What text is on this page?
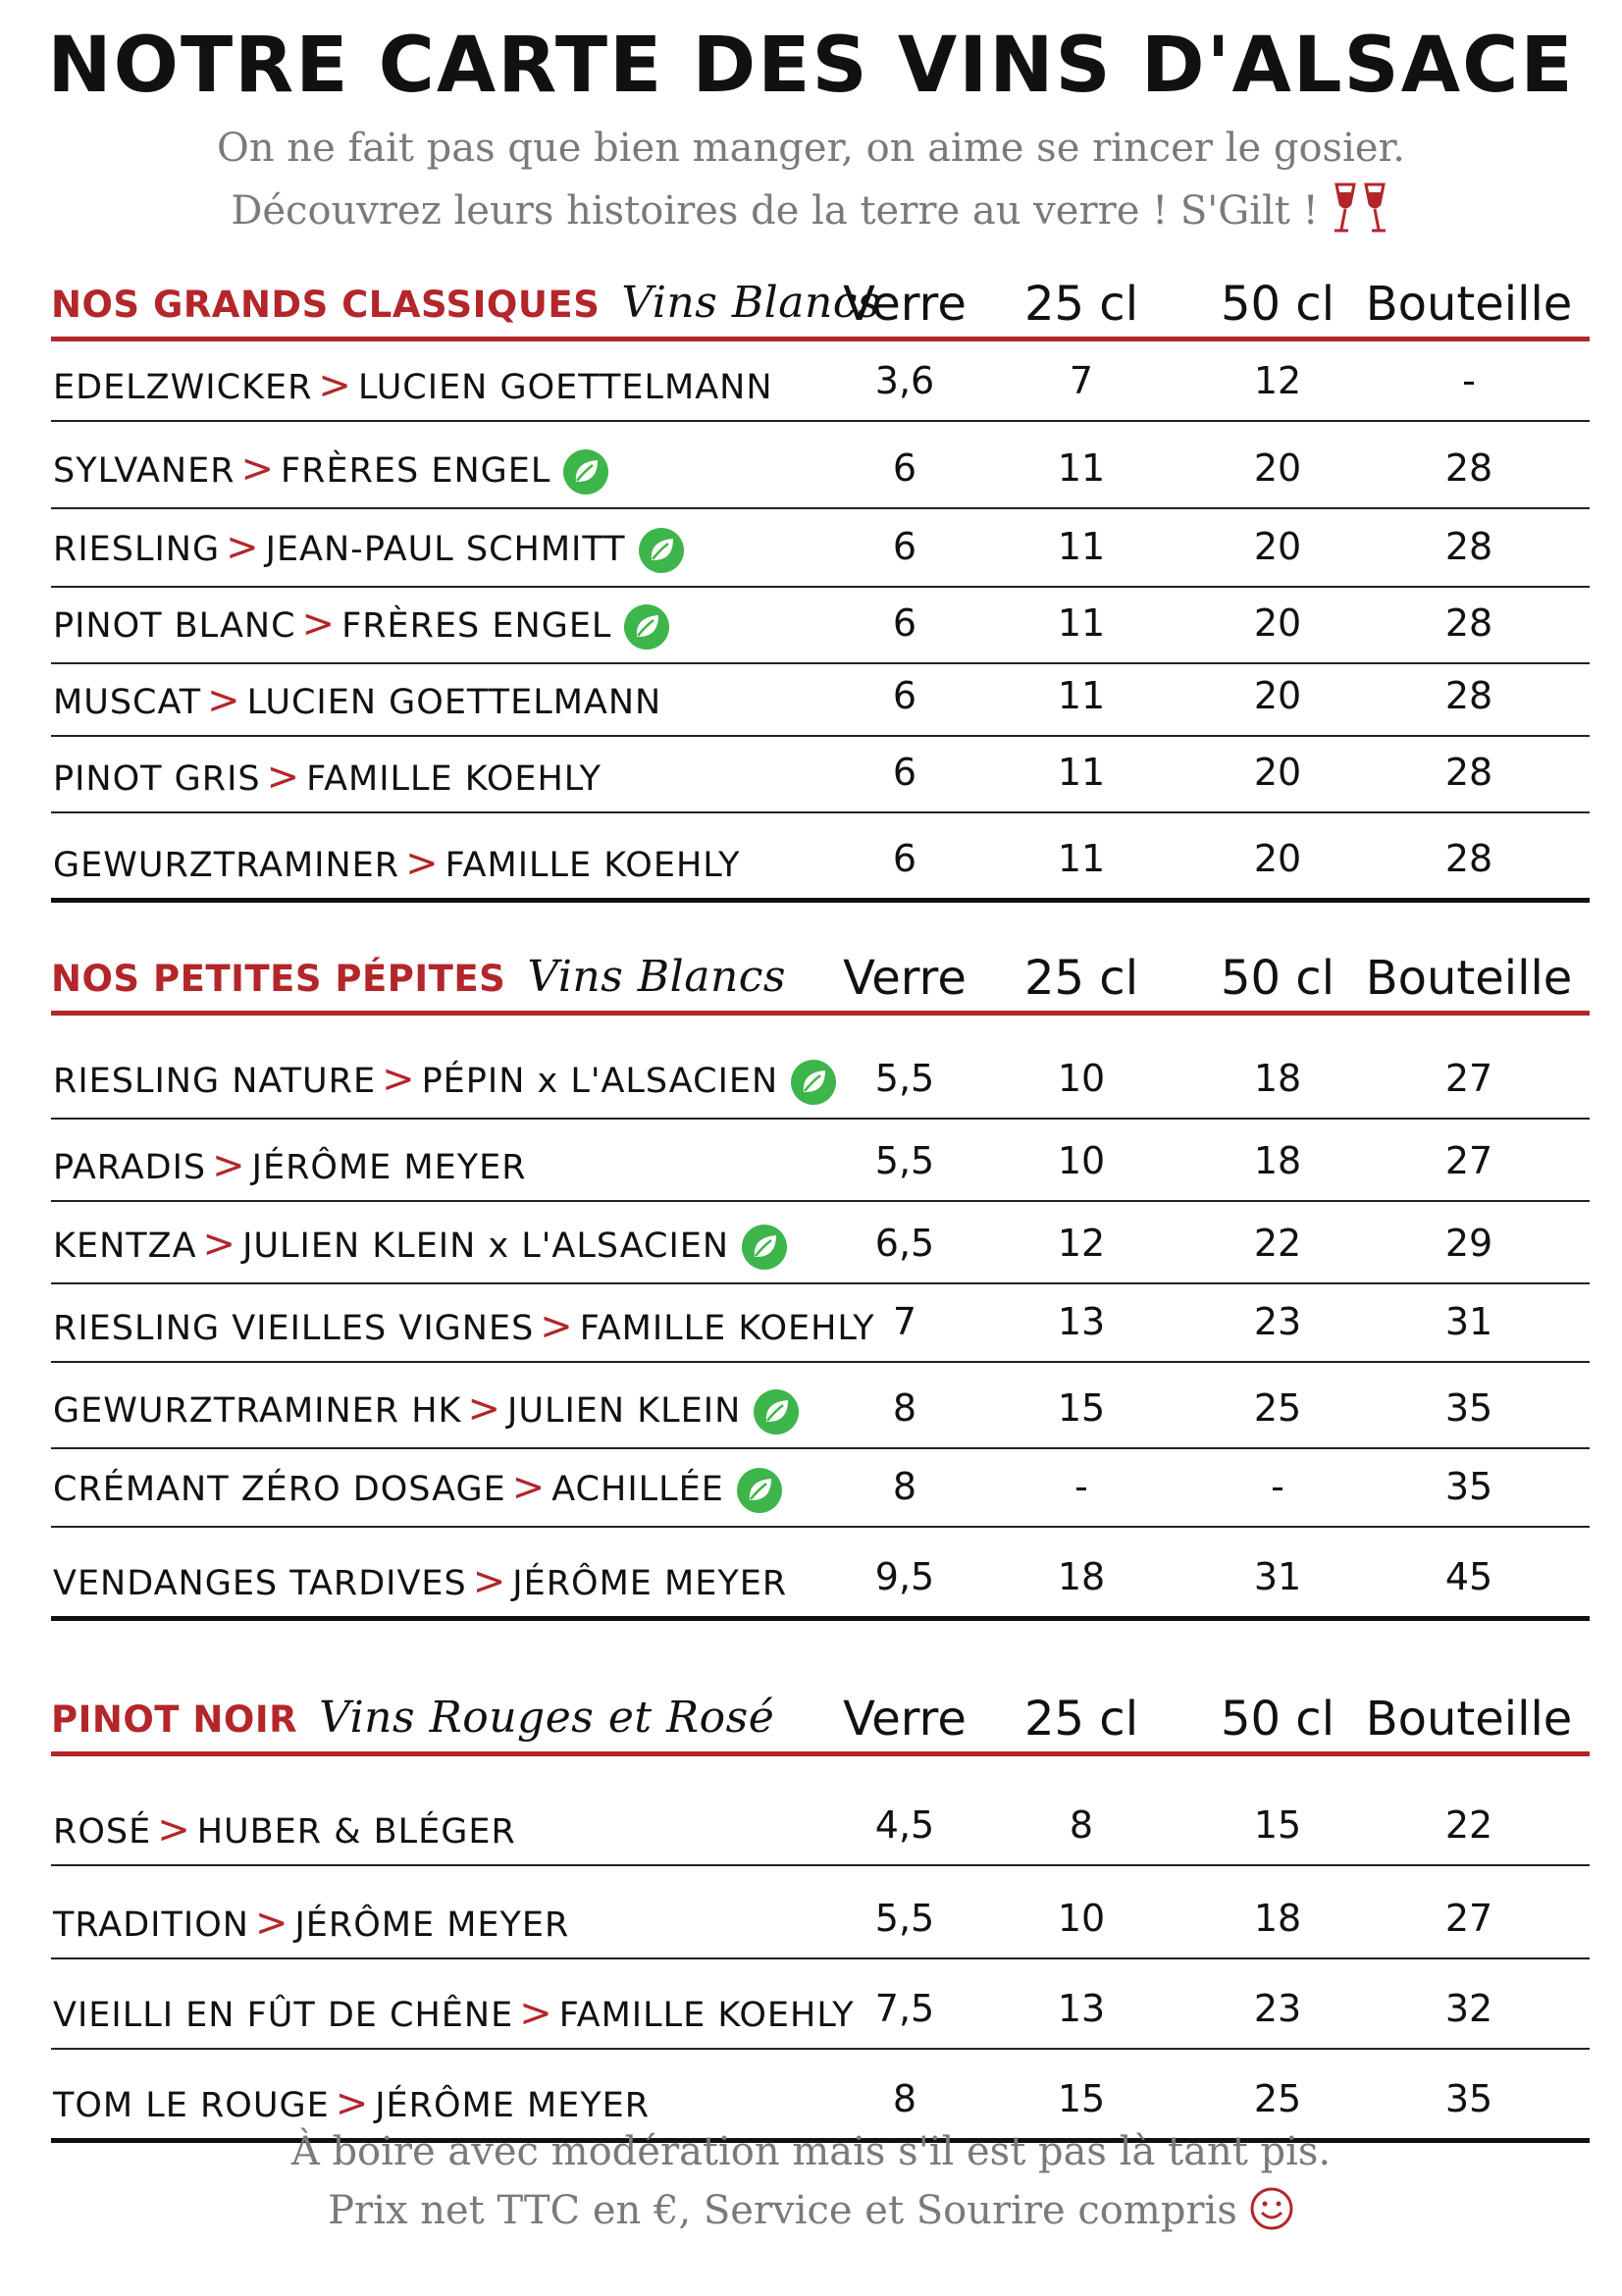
NOTRE CARTE DES VINS D'ALSACE
On ne fait pas que bien manger, on aime se rincer le gosier.
Découvrez leurs histoires de la terre au verre ! S'Gilt !
NOS GRANDS CLASSIQUES Vins Blancs
Verre 25 cl 50 cl Bouteille
EDELZWICKER > LUCIEN GOETTELMANN	3,6	7	12	-
SYLVANER > FRÈRES ENGEL	6	11	20	28
RIESLING > JEAN-PAUL SCHMITT	6	11	20	28
PINOT BLANC > FRÈRES ENGEL	6	11	20	28
MUSCAT > LUCIEN GOETTELMANN	6	11	20	28
PINOT GRIS > FAMILLE KOEHLY	6	11	20	28
GEWURZTRAMINER > FAMILLE KOEHLY	6	11	20	28
NOS PETITES PÉPITES Vins Blancs Verre 25 cl 50 cl Bouteille
RIESLING NATURE > PÉPIN x L'ALSACIEN	5,5	10	18	27
PARADIS > JÉRÔME MEYER	5,5	10	18	27
KENTZA > JULIEN KLEIN x L'ALSACIEN	6,5	12	22	29
RIESLING VIEILLES VIGNES > FAMILLE KOEHLY 7	13	23	31
GEWURZTRAMINER HK > JULIEN KLEIN	8	15	25	35
CRÉMANT ZÉRO DOSAGE > ACHILLÉE	8	-	-	35
VENDANGES TARDIVES > JÉRÔME MEYER 9,5	18	31	45
PINOT NOIR Vins Rouges et Rosé Verre 25 cl 50 cl Bouteille
ROSÉ > HUBER & BLÉGER	4,5	8	15	22
TRADITION > JÉRÔME MEYER	5,5	10	18	27
VIEILLI EN FÛT DE CHÊNE > FAMILLE KOEHLY 7,5	13	23	32
TOM LE ROUGE > JÉRÔME MEYER	8	15	25	35
À boire avec modération mais s'il est pas là tant pis.
Prix net TTC en €, Service et Sourire compris
